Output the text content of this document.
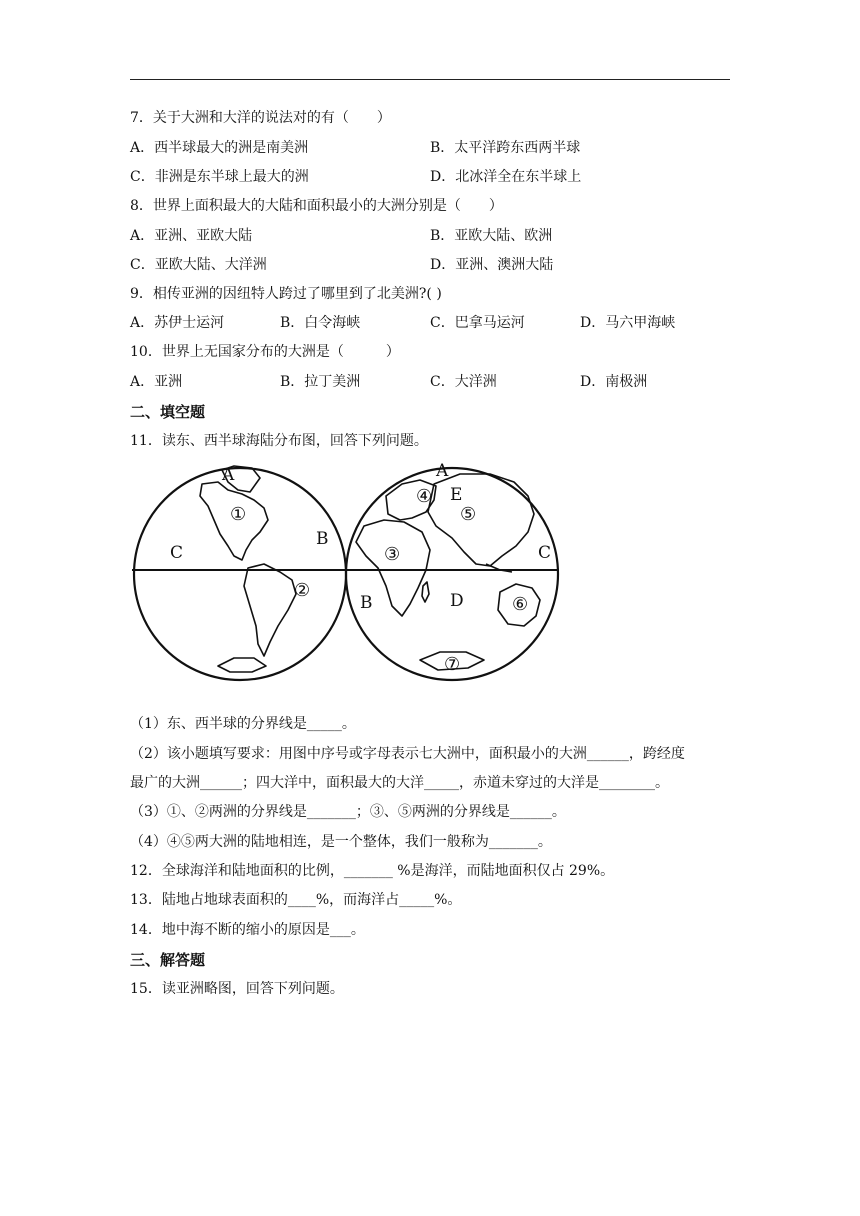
7．关于大洲和大洋的说法对的有（　　）
A．西半球最大的洲是南美洲	B．太平洋跨东西两半球
C．非洲是东半球上最大的洲	D．北冰洋全在东半球上
8．世界上面积最大的大陆和面积最小的大洲分别是（　　）
A．亚洲、亚欧大陆	B．亚欧大陆、欧洲
C．亚欧大陆、大洋洲	D．亚洲、澳洲大陆
9．相传亚洲的因纽特人跨过了哪里到了北美洲?( )
A．苏伊士运河	B．白令海峡	C．巴拿马运河	D．马六甲海峡
10．世界上无国家分布的大洲是（　　　）
A．亚洲	B．拉丁美洲	C．大洋洲	D．南极洲
二、填空题
11．读东、西半球海陆分布图，回答下列问题。
A	A
B
B
C	C
D
E
①
②
③
④
⑤
⑥
⑦
（1）东、西半球的分界线是_____。
（2）该小题填写要求：用图中序号或字母表示七大洲中，面积最小的大洲______，跨经度
最广的大洲______；四大洋中，面积最大的大洋_____，赤道未穿过的大洋是________。
（3）①、②两洲的分界线是_______；③、⑤两洲的分界线是______。
（4）④⑤两大洲的陆地相连，是一个整体，我们一般称为_______。
12．全球海洋和陆地面积的比例，_______ %是海洋，而陆地面积仅占 29%。
13．陆地占地球表面积的____%，而海洋占_____%。
14．地中海不断的缩小的原因是___。
三、解答题
15．读亚洲略图，回答下列问题。
